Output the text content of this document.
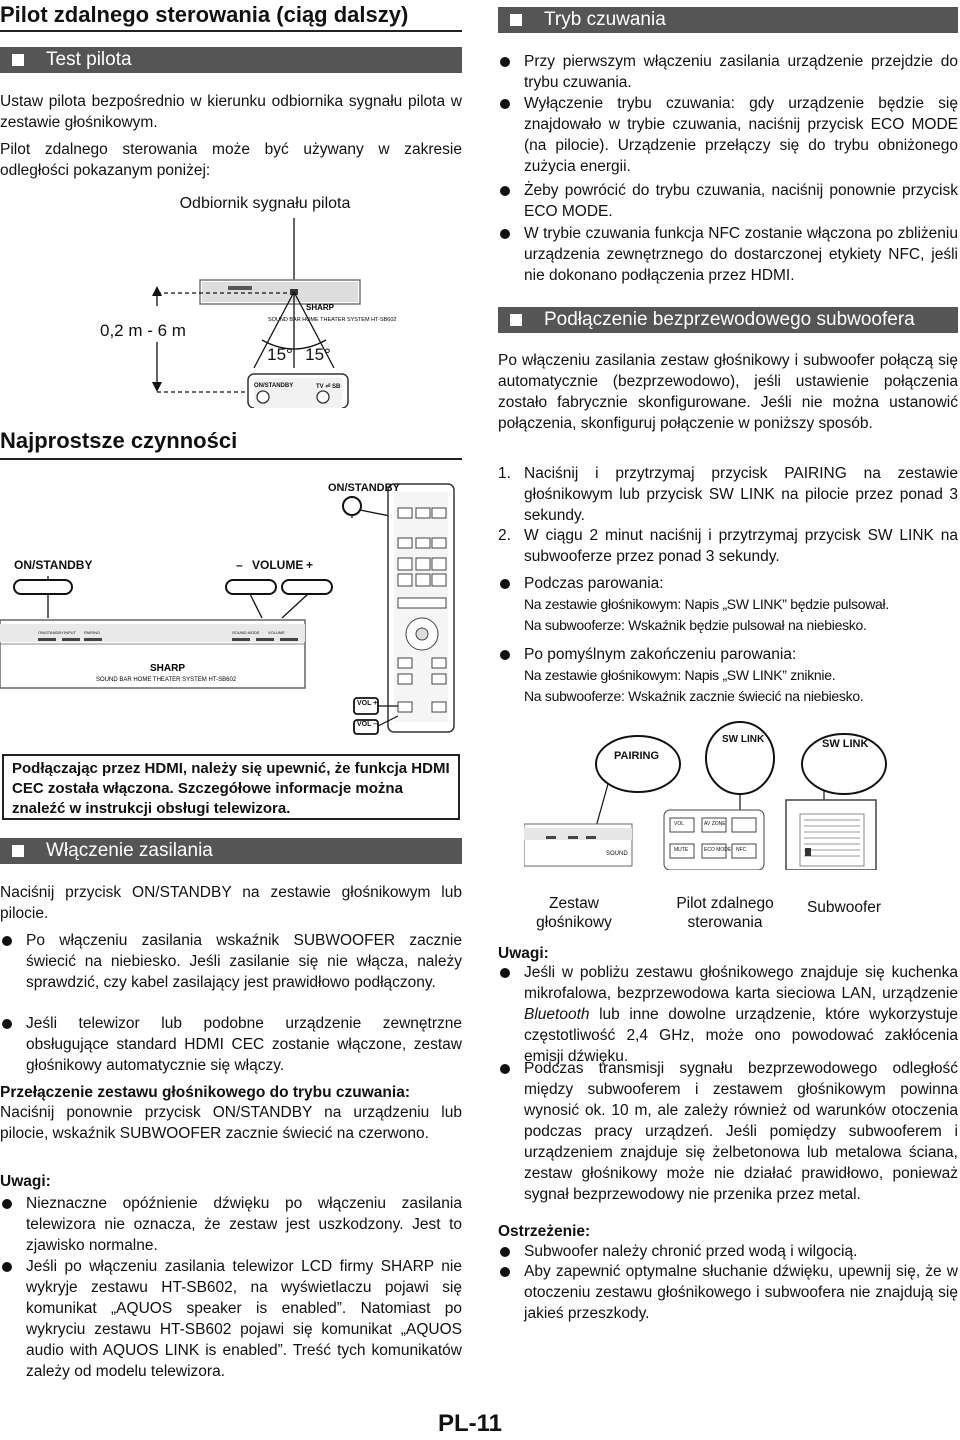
Pilot zdalnego sterowania (ciąg dalszy)
Test pilota
Ustaw pilota bezpośrednio w kierunku odbiornika sygnału pilota w zestawie głośnikowym.
Pilot zdalnego sterowania może być używany w zakresie odległości pokazanym poniżej:
Odbiornik sygnału pilota
SHARP
SOUND BAR HOME THEATER SYSTEM HT-SB602
0,2 m - 6 m
15° 15°
ON/STANDBY	TV ⏎ SB
Najprostsze czynności
SHARP
SOUND BAR HOME THEATER SYSTEM HT-SB602
ON/STANDBY
ON/STANDBY	– VOLUME +
VOL +
VOL –
ON/STANDBY INPUT PAIRING	SOUND MODE VOLUME
Podłączając przez HDMI, należy się upewnić, że funkcja HDMI CEC została włączona. Szczegółowe informacje można znaleźć w instrukcji obsługi telewizora.
Włączenie zasilania
Naciśnij przycisk ON/STANDBY na zestawie głośnikowym lub pilocie.
Po włączeniu zasilania wskaźnik SUBWOOFER zacznie świecić na niebiesko. Jeśli zasilanie się nie włącza, należy sprawdzić, czy kabel zasilający jest prawidłowo podłączony.
Jeśli telewizor lub podobne urządzenie zewnętrzne obsługujące standard HDMI CEC zostanie włączone, zestaw głośnikowy automatycznie się włączy.
Przełączenie zestawu głośnikowego do trybu czuwania:
Naciśnij ponownie przycisk ON/STANDBY na urządzeniu lub pilocie, wskaźnik SUBWOOFER zacznie świecić na czerwono.
Uwagi:
Nieznaczne opóźnienie dźwięku po włączeniu zasilania telewizora nie oznacza, że zestaw jest uszkodzony. Jest to zjawisko normalne.
Jeśli po włączeniu zasilania telewizor LCD firmy SHARP nie wykryje zestawu HT-SB602, na wyświetlaczu pojawi się komunikat „AQUOS speaker is enabled”. Natomiast po wykryciu zestawu HT-SB602 pojawi się komunikat „AQUOS audio with AQUOS LINK is enabled”. Treść tych komunikatów zależy od modelu telewizora.
Tryb czuwania
Przy pierwszym włączeniu zasilania urządzenie przejdzie do trybu czuwania.
Wyłączenie trybu czuwania: gdy urządzenie będzie się znajdowało w trybie czuwania, naciśnij przycisk ECO MODE (na pilocie). Urządzenie przełączy się do trybu obniżonego zużycia energii.
Żeby powrócić do trybu czuwania, naciśnij ponownie przycisk ECO MODE.
W trybie czuwania funkcja NFC zostanie włączona po zbliżeniu urządzenia zewnętrznego do dostarczonej etykiety NFC, jeśli nie dokonano podłączenia przez HDMI.
Podłączenie bezprzewodowego subwoofera
Po włączeniu zasilania zestaw głośnikowy i subwoofer połączą się automatycznie (bezprzewodowo), jeśli ustawienie połączenia zostało fabrycznie skonfigurowane. Jeśli nie można ustanowić połączenia, skonfiguruj połączenie w poniższy sposób.
1. Naciśnij i przytrzymaj przycisk PAIRING na zestawie głośnikowym lub przycisk SW LINK na pilocie przez ponad 3 sekundy.
2. W ciągu 2 minut naciśnij i przytrzymaj przycisk SW LINK na subwooferze przez ponad 3 sekundy.
Podczas parowania:
Na zestawie głośnikowym: Napis „SW LINK” będzie pulsował.
Na subwooferze: Wskaźnik będzie pulsował na niebiesko.
Po pomyślnym zakończeniu parowania:
Na zestawie głośnikowym: Napis „SW LINK” zniknie.
Na subwooferze: Wskaźnik zacznie świecić na niebiesko.
PAIRING
SW LINK	SW LINK
SOUND
VOL	AV ZONE
MUTE	ECO MODE NFC
Zestaw głośnikowy
Pilot zdalnego sterowania
Subwoofer
Uwagi:
Jeśli w pobliżu zestawu głośnikowego znajduje się kuchenka mikrofalowa, bezprzewodowa karta sieciowa LAN, urządzenie Bluetooth lub inne dowolne urządzenie, które wykorzystuje częstotliwość 2,4 GHz, może ono powodować zakłócenia emisji dźwięku.
Podczas transmisji sygnału bezprzewodowego odległość między subwooferem i zestawem głośnikowym powinna wynosić ok. 10 m, ale zależy również od warunków otoczenia podczas pracy urządzeń. Jeśli pomiędzy subwooferem i urządzeniem znajduje się żelbetonowa lub metalowa ściana, zestaw głośnikowy może nie działać prawidłowo, ponieważ sygnał bezprzewodowy nie przenika przez metal.
Ostrzeżenie:
Subwoofer należy chronić przed wodą i wilgocią.
Aby zapewnić optymalne słuchanie dźwięku, upewnij się, że w otoczeniu zestawu głośnikowego i subwoofera nie znajdują się jakieś przeszkody.
PL-11
